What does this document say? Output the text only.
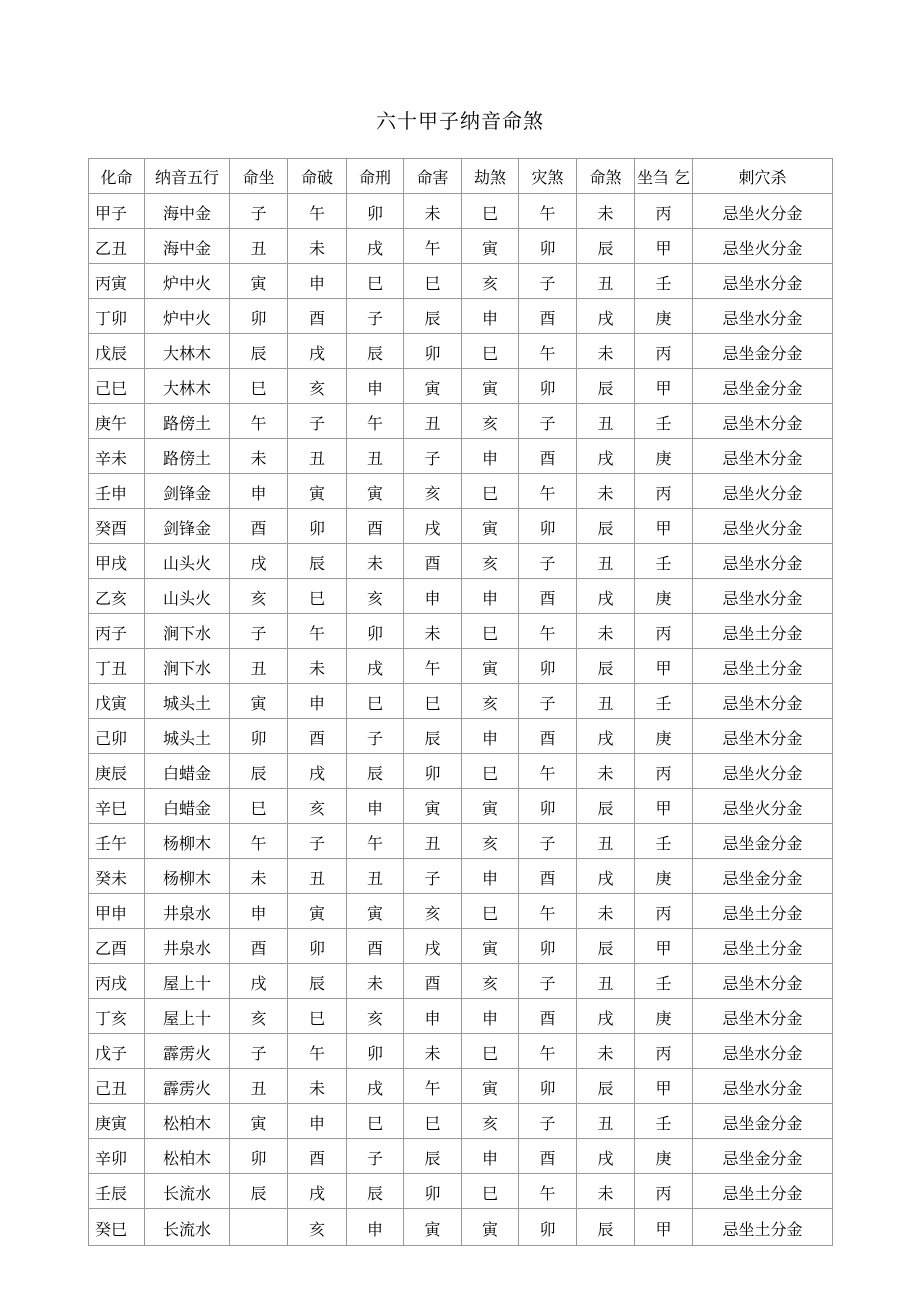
六十甲子纳音命煞
化命	纳音五行	命坐	命破	命刑	命害	劫煞	灾煞	命煞	坐刍 乞	刺穴杀
甲子	海中金	子	午	卯	未	巳	午	未	丙	忌坐火分金
乙丑	海中金	丑	未	戌	午	寅	卯	辰	甲	忌坐火分金
丙寅	炉中火	寅	申	巳	巳	亥	子	丑	壬	忌坐水分金
丁卯	炉中火	卯	酉	子	辰	申	酉	戌	庚	忌坐水分金
戊辰	大林木	辰	戌	辰	卯	巳	午	未	丙	忌坐金分金
己巳	大林木	巳	亥	申	寅	寅	卯	辰	甲	忌坐金分金
庚午	路傍土	午	子	午	丑	亥	子	丑	壬	忌坐木分金
辛未	路傍土	未	丑	丑	子	申	酉	戌	庚	忌坐木分金
壬申	剑锋金	申	寅	寅	亥	巳	午	未	丙	忌坐火分金
癸酉	剑锋金	酉	卯	酉	戌	寅	卯	辰	甲	忌坐火分金
甲戌	山头火	戌	辰	未	酉	亥	子	丑	壬	忌坐水分金
乙亥	山头火	亥	巳	亥	申	申	酉	戌	庚	忌坐水分金
丙子	涧下水	子	午	卯	未	巳	午	未	丙	忌坐土分金
丁丑	涧下水	丑	未	戌	午	寅	卯	辰	甲	忌坐土分金
戊寅	城头土	寅	申	巳	巳	亥	子	丑	壬	忌坐木分金
己卯	城头土	卯	酉	子	辰	申	酉	戌	庚	忌坐木分金
庚辰	白蜡金	辰	戌	辰	卯	巳	午	未	丙	忌坐火分金
辛巳	白蜡金	巳	亥	申	寅	寅	卯	辰	甲	忌坐火分金
壬午	杨柳木	午	子	午	丑	亥	子	丑	壬	忌坐金分金
癸未	杨柳木	未	丑	丑	子	申	酉	戌	庚	忌坐金分金
甲申	井泉水	申	寅	寅	亥	巳	午	未	丙	忌坐土分金
乙酉	井泉水	酉	卯	酉	戌	寅	卯	辰	甲	忌坐土分金
丙戌	屋上十	戌	辰	未	酉	亥	子	丑	壬	忌坐木分金
丁亥	屋上十	亥	巳	亥	申	申	酉	戌	庚	忌坐木分金
戊子	霹雳火	子	午	卯	未	巳	午	未	丙	忌坐水分金
己丑	霹雳火	丑	未	戌	午	寅	卯	辰	甲	忌坐水分金
庚寅	松柏木	寅	申	巳	巳	亥	子	丑	壬	忌坐金分金
辛卯	松柏木	卯	酉	子	辰	申	酉	戌	庚	忌坐金分金
壬辰	长流水	辰	戌	辰	卯	巳	午	未	丙	忌坐土分金
癸巳	长流水		亥	申	寅	寅	卯	辰	甲	忌坐土分金
